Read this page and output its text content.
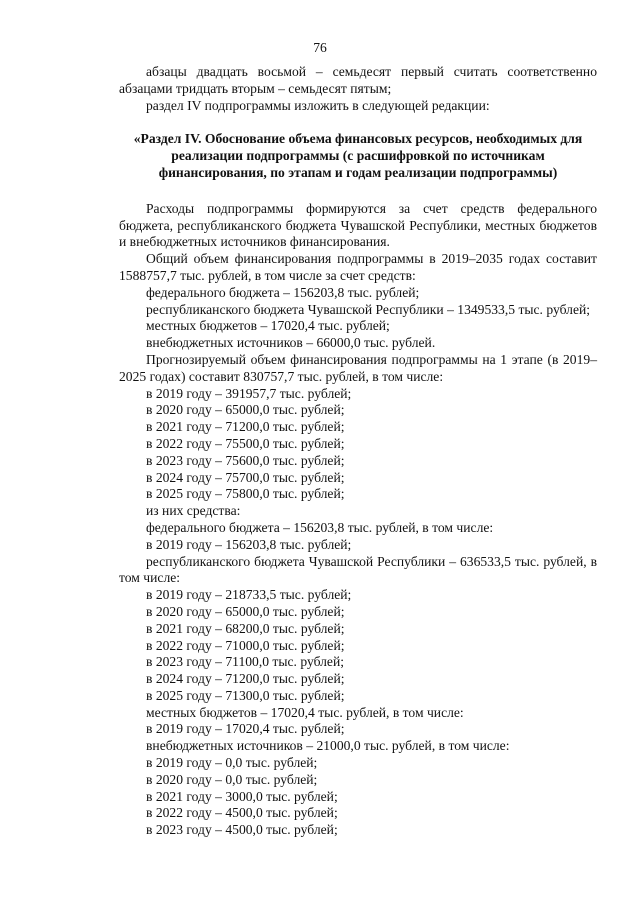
76

абзацы двадцать восьмой – семьдесят первый считать соответственно абзацами тридцать вторым – семьдесят пятым;

раздел IV подпрограммы изложить в следующей редакции:

«Раздел IV. Обоснование объема финансовых ресурсов, необходимых для реализации подпрограммы (с расшифровкой по источникам финансирования, по этапам и годам реализации подпрограммы)

Расходы подпрограммы формируются за счет средств федерального бюджета, республиканского бюджета Чувашской Республики, местных бюджетов и внебюджетных источников финансирования.

Общий объем финансирования подпрограммы в 2019–2035 годах составит 1588757,7 тыс. рублей, в том числе за счет средств:

федерального бюджета – 156203,8 тыс. рублей;

республиканского бюджета Чувашской Республики – 1349533,5 тыс. рублей;

местных бюджетов – 17020,4 тыс. рублей;

внебюджетных источников – 66000,0 тыс. рублей.

Прогнозируемый объем финансирования подпрограммы на 1 этапе (в 2019–2025 годах) составит 830757,7 тыс. рублей, в том числе:

в 2019 году – 391957,7 тыс. рублей;

в 2020 году – 65000,0 тыс. рублей;

в 2021 году – 71200,0 тыс. рублей;

в 2022 году – 75500,0 тыс. рублей;

в 2023 году – 75600,0 тыс. рублей;

в 2024 году – 75700,0 тыс. рублей;

в 2025 году – 75800,0 тыс. рублей;

из них средства:

федерального бюджета – 156203,8 тыс. рублей, в том числе:

в 2019 году – 156203,8 тыс. рублей;

республиканского бюджета Чувашской Республики – 636533,5 тыс. рублей, в том числе:

в 2019 году – 218733,5 тыс. рублей;

в 2020 году – 65000,0 тыс. рублей;

в 2021 году – 68200,0 тыс. рублей;

в 2022 году – 71000,0 тыс. рублей;

в 2023 году – 71100,0 тыс. рублей;

в 2024 году – 71200,0 тыс. рублей;

в 2025 году – 71300,0 тыс. рублей;

местных бюджетов – 17020,4 тыс. рублей, в том числе:

в 2019 году – 17020,4 тыс. рублей;

внебюджетных источников – 21000,0 тыс. рублей, в том числе:

в 2019 году – 0,0 тыс. рублей;

в 2020 году – 0,0 тыс. рублей;

в 2021 году – 3000,0 тыс. рублей;

в 2022 году – 4500,0 тыс. рублей;

в 2023 году – 4500,0 тыс. рублей;
